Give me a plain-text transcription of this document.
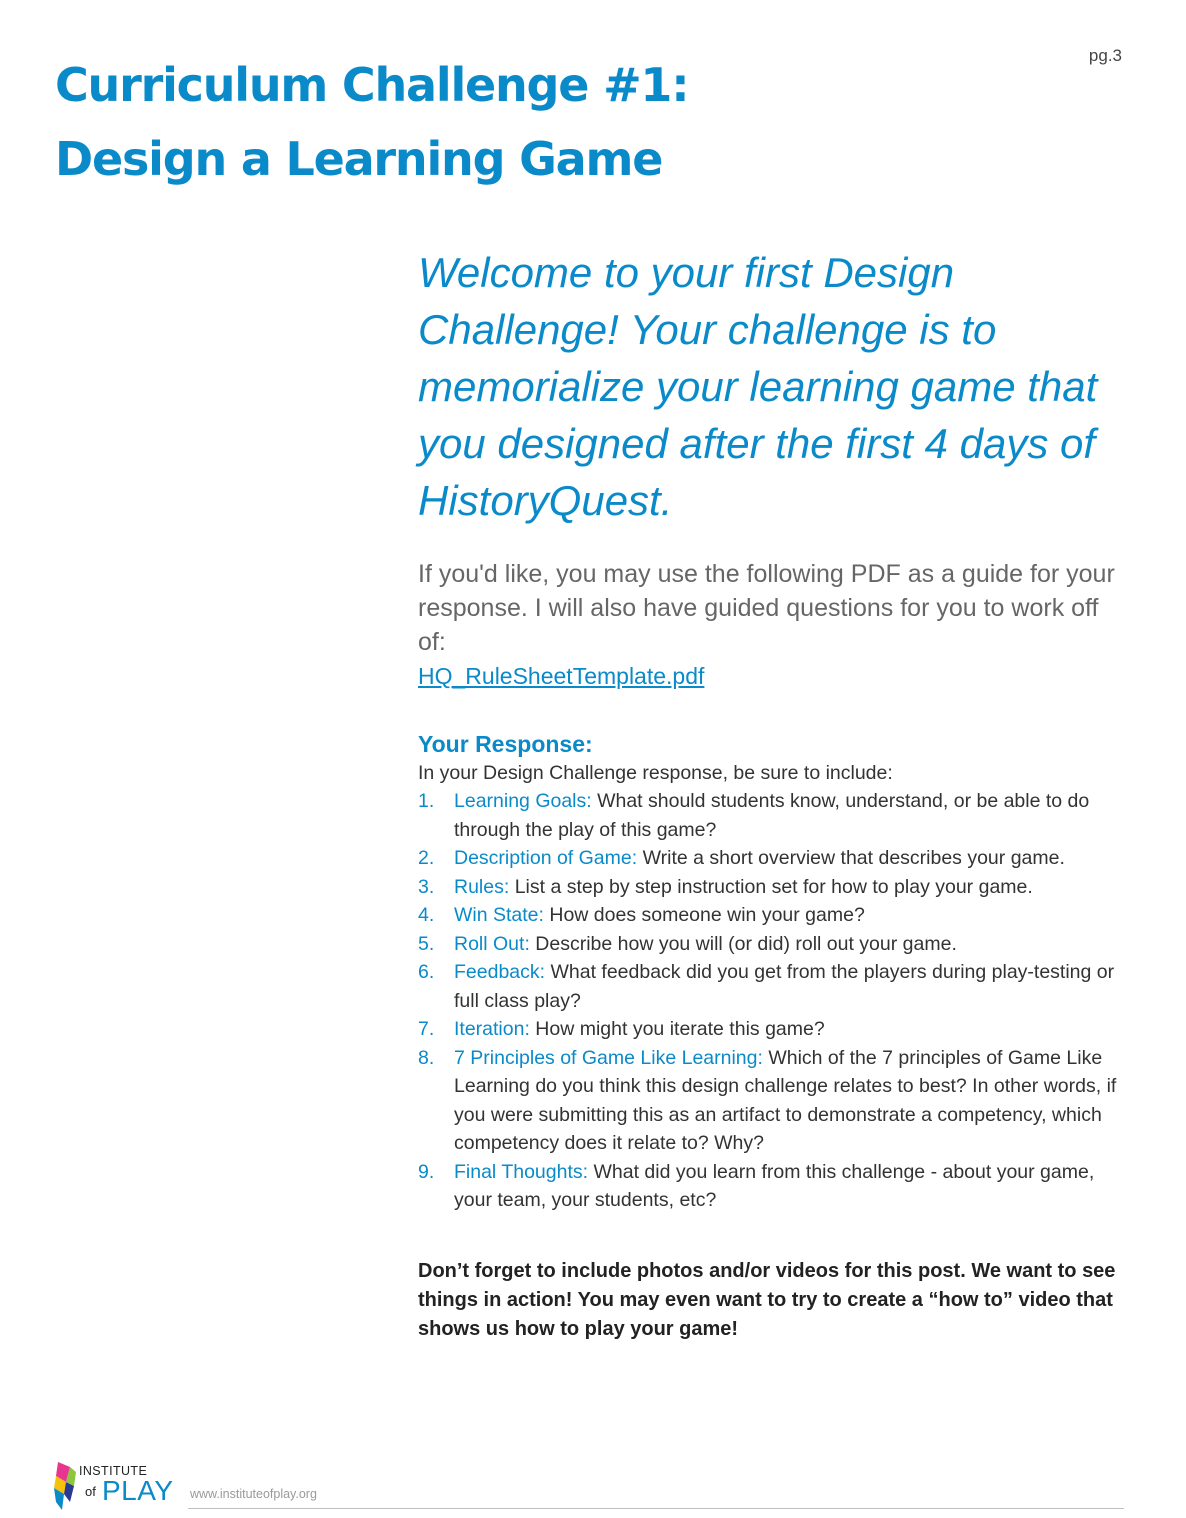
pg.3
Curriculum Challenge #1:
Design a Learning Game

Welcome to your first Design Challenge! Your challenge is to memorialize your learning game that you designed after the first 4 days of HistoryQuest.

If you'd like, you may use the following PDF as a guide for your response. I will also have guided questions for you to work off of:
HQ_RuleSheetTemplate.pdf

Your Response:

In your Design Challenge response, be sure to include:

1. Learning Goals: What should students know, understand, or be able to do through the play of this game?
2. Description of Game: Write a short overview that describes your game.
3. Rules: List a step by step instruction set for how to play your game.
4. Win State: How does someone win your game?
5. Roll Out: Describe how you will (or did) roll out your game.
6. Feedback: What feedback did you get from the players during play-testing or full class play?
7. Iteration: How might you iterate this game?
8. 7 Principles of Game Like Learning: Which of the 7 principles of Game Like Learning do you think this design challenge relates to best? In other words, if you were submitting this as an artifact to demonstrate a competency, which competency does it relate to? Why?
9. Final Thoughts: What did you learn from this challenge - about your game, your team, your students, etc?

Don’t forget to include photos and/or videos for this post. We want to see things in action! You may even want to try to create a “how to” video that shows us how to play your game!

INSTITUTE
of PLAY www.instituteofplay.org
